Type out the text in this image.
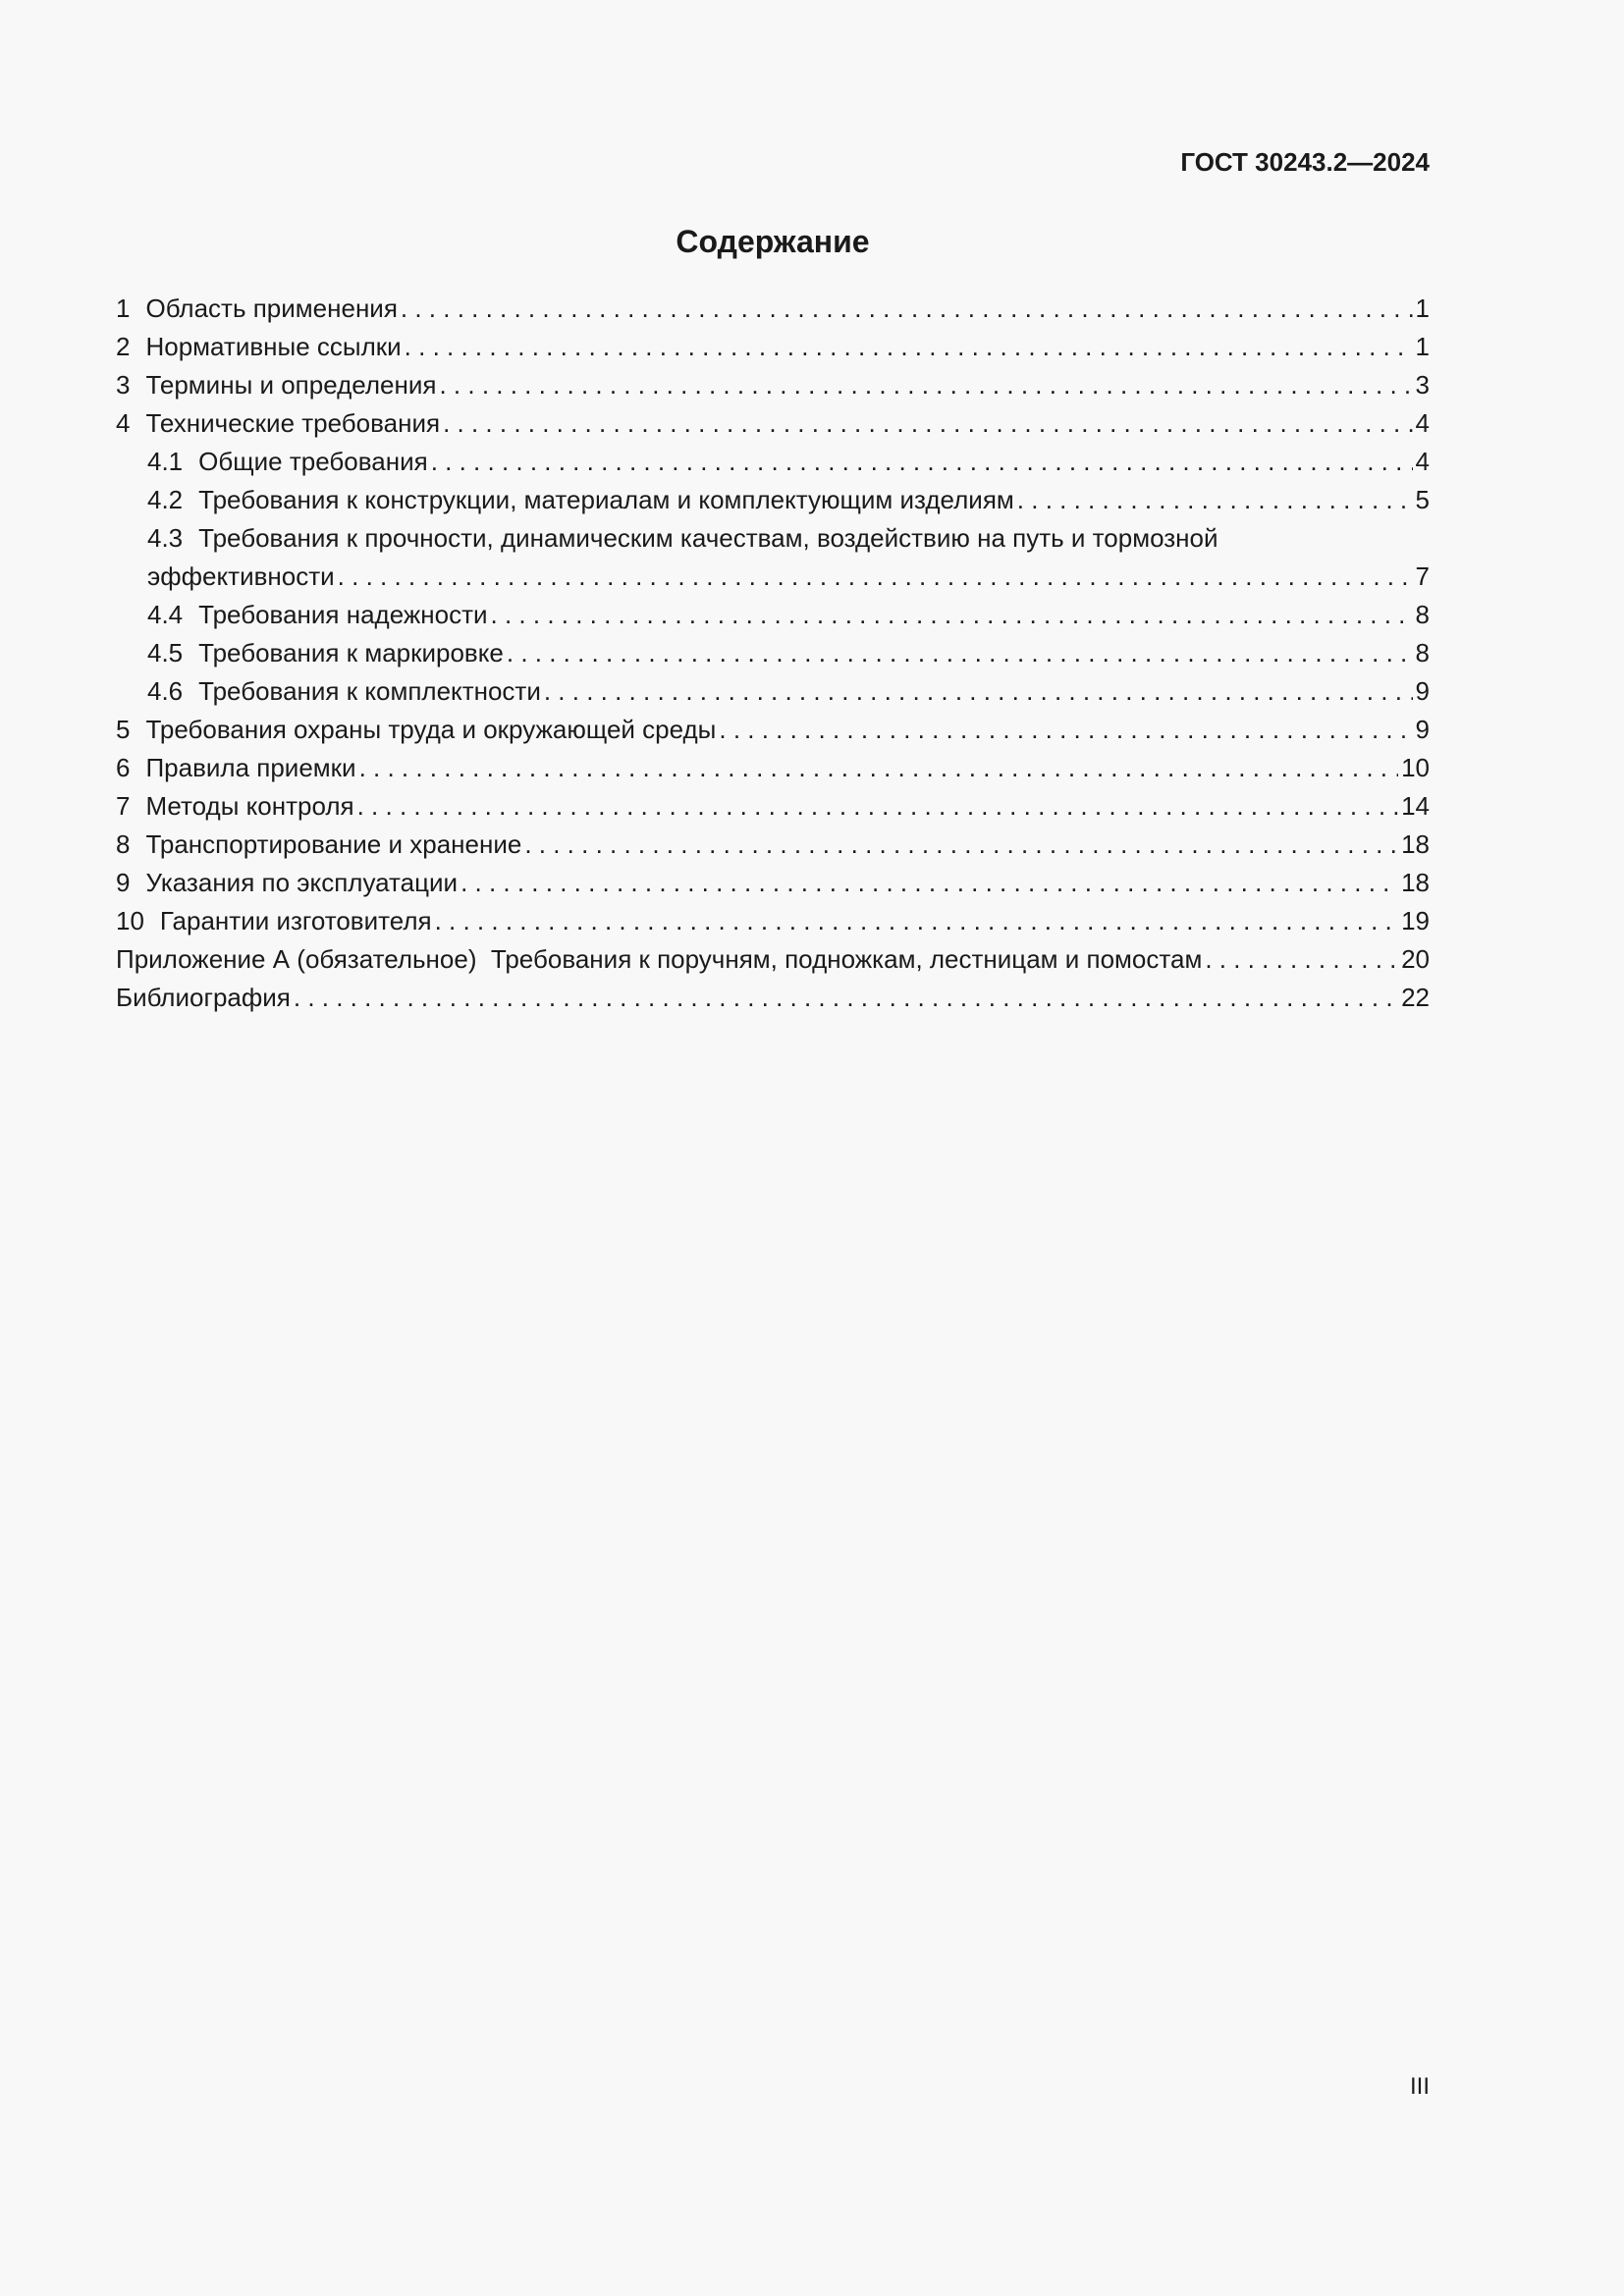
ГОСТ 30243.2—2024
Содержание
1 Область применения . . .	1
2 Нормативные ссылки . . .	1
3 Термины и определения . . .	3
4 Технические требования . . .	4
4.1 Общие требования . . .	4
4.2 Требования к конструкции, материалам и комплектующим изделиям . . .	5
4.3 Требования к прочности, динамическим качествам, воздействию на путь и тормозной
эффективности . . .	7
4.4 Требования надежности . . .	8
4.5 Требования к маркировке . . .	8
4.6 Требования к комплектности . . .	9
5 Требования охраны труда и окружающей среды . . .	9
6 Правила приемки . . .	10
7 Методы контроля . . .	14
8 Транспортирование и хранение . . .	18
9 Указания по эксплуатации . . .	18
10 Гарантии изготовителя . . .	19
Приложение А (обязательное)  Требования к поручням, подножкам, лестницам и помостам . . .	20
Библиография . . .	22
III
